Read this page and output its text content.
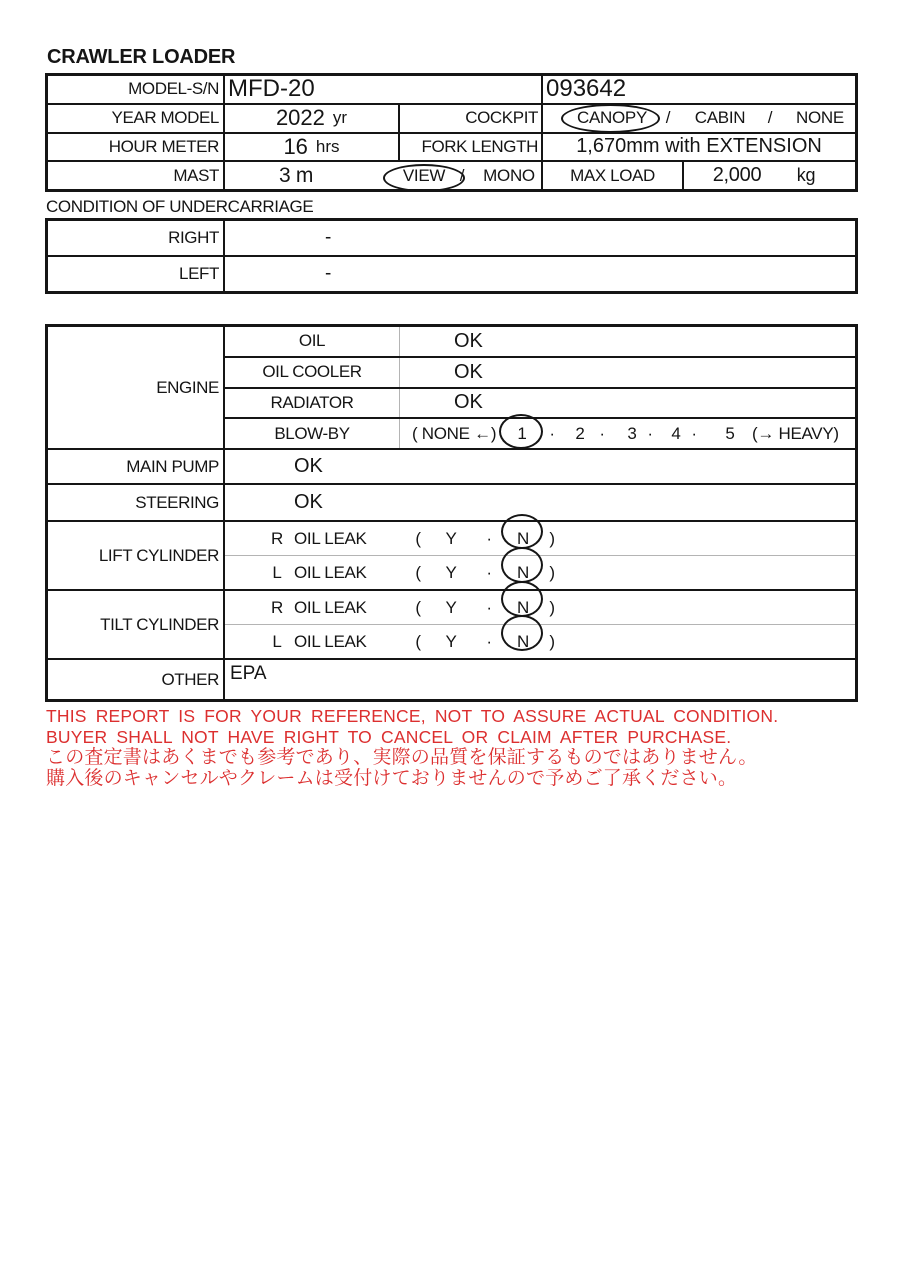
CRAWLER LOADER
MODEL-S/N MFD-20	093642
YEAR MODEL	2022 yr	COCKPIT	CANOPY	/	CABIN	/ NONE
HOUR METER	16 hrs	FORK LENGTH	1,670mm with EXTENSION
MAST	3 m	VIEW / MONO	MAX LOAD	2,000	kg
CONDITION OF UNDERCARRIAGE
RIGHT	-
LEFT	-
ENGINE
OIL	OK
OIL COOLER	OK
RADIATOR	OK
BLOW-BY	( NONE ←)	1	·	2 ·	3 ·	4 ·	5	(→ HEAVY)
MAIN PUMP	OK
STEERING	OK
LIFT CYLINDER
R OIL LEAK	( Y ·	N	)
L OIL LEAK	( Y ·	N	)
TILT CYLINDER
R OIL LEAK	( Y ·	N	)
L OIL LEAK	( Y ·	N	)
OTHER EPA
THIS REPORT IS FOR YOUR REFERENCE, NOT TO ASSURE ACTUAL CONDITION.
BUYER SHALL NOT HAVE RIGHT TO CANCEL OR CLAIM AFTER PURCHASE.
この査定書はあくまでも参考であり、実際の品質を保証するものではありません。
購入後のキャンセルやクレームは受付けておりませんので予めご了承ください。
